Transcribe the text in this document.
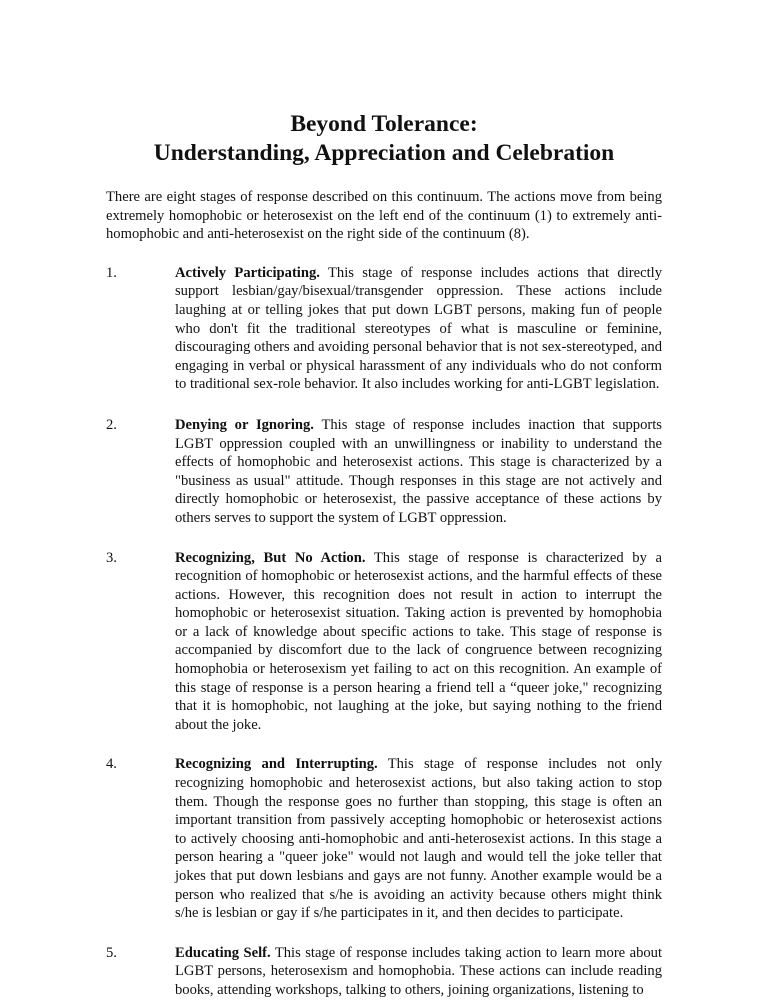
Beyond Tolerance:
Understanding, Appreciation and Celebration

There are eight stages of response described on this continuum. The actions move from being extremely homophobic or heterosexist on the left end of the continuum (1) to extremely anti-homophobic and anti-heterosexist on the right side of the continuum (8).

1.	Actively Participating. This stage of response includes actions that directly support lesbian/gay/bisexual/transgender oppression. These actions include laughing at or telling jokes that put down LGBT persons, making fun of people who don't fit the traditional stereotypes of what is masculine or feminine, discouraging others and avoiding personal behavior that is not sex-stereotyped, and engaging in verbal or physical harassment of any individuals who do not conform to traditional sex-role behavior. It also includes working for anti-LGBT legislation.
2.	Denying or Ignoring. This stage of response includes inaction that supports LGBT oppression coupled with an unwillingness or inability to understand the effects of homophobic and heterosexist actions. This stage is characterized by a "business as usual" attitude. Though responses in this stage are not actively and directly homophobic or heterosexist, the passive acceptance of these actions by others serves to support the system of LGBT oppression.
3.	Recognizing, But No Action. This stage of response is characterized by a recognition of homophobic or heterosexist actions, and the harmful effects of these actions. However, this recognition does not result in action to interrupt the homophobic or heterosexist situation. Taking action is prevented by homophobia or a lack of knowledge about specific actions to take. This stage of response is accompanied by discomfort due to the lack of congruence between recognizing homophobia or heterosexism yet failing to act on this recognition. An example of this stage of response is a person hearing a friend tell a “queer joke," recognizing that it is homophobic, not laughing at the joke, but saying nothing to the friend about the joke.
4.	Recognizing and Interrupting. This stage of response includes not only recognizing homophobic and heterosexist actions, but also taking action to stop them. Though the response goes no further than stopping, this stage is often an important transition from passively accepting homophobic or heterosexist actions to actively choosing anti-homophobic and anti-heterosexist actions. In this stage a person hearing a "queer joke" would not laugh and would tell the joke teller that jokes that put down lesbians and gays are not funny. Another example would be a person who realized that s/he is avoiding an activity because others might think s/he is lesbian or gay if s/he participates in it, and then decides to participate.
5.	Educating Self. This stage of response includes taking action to learn more about LGBT persons, heterosexism and homophobia. These actions can include reading books, attending workshops, talking to others, joining organizations, listening to
